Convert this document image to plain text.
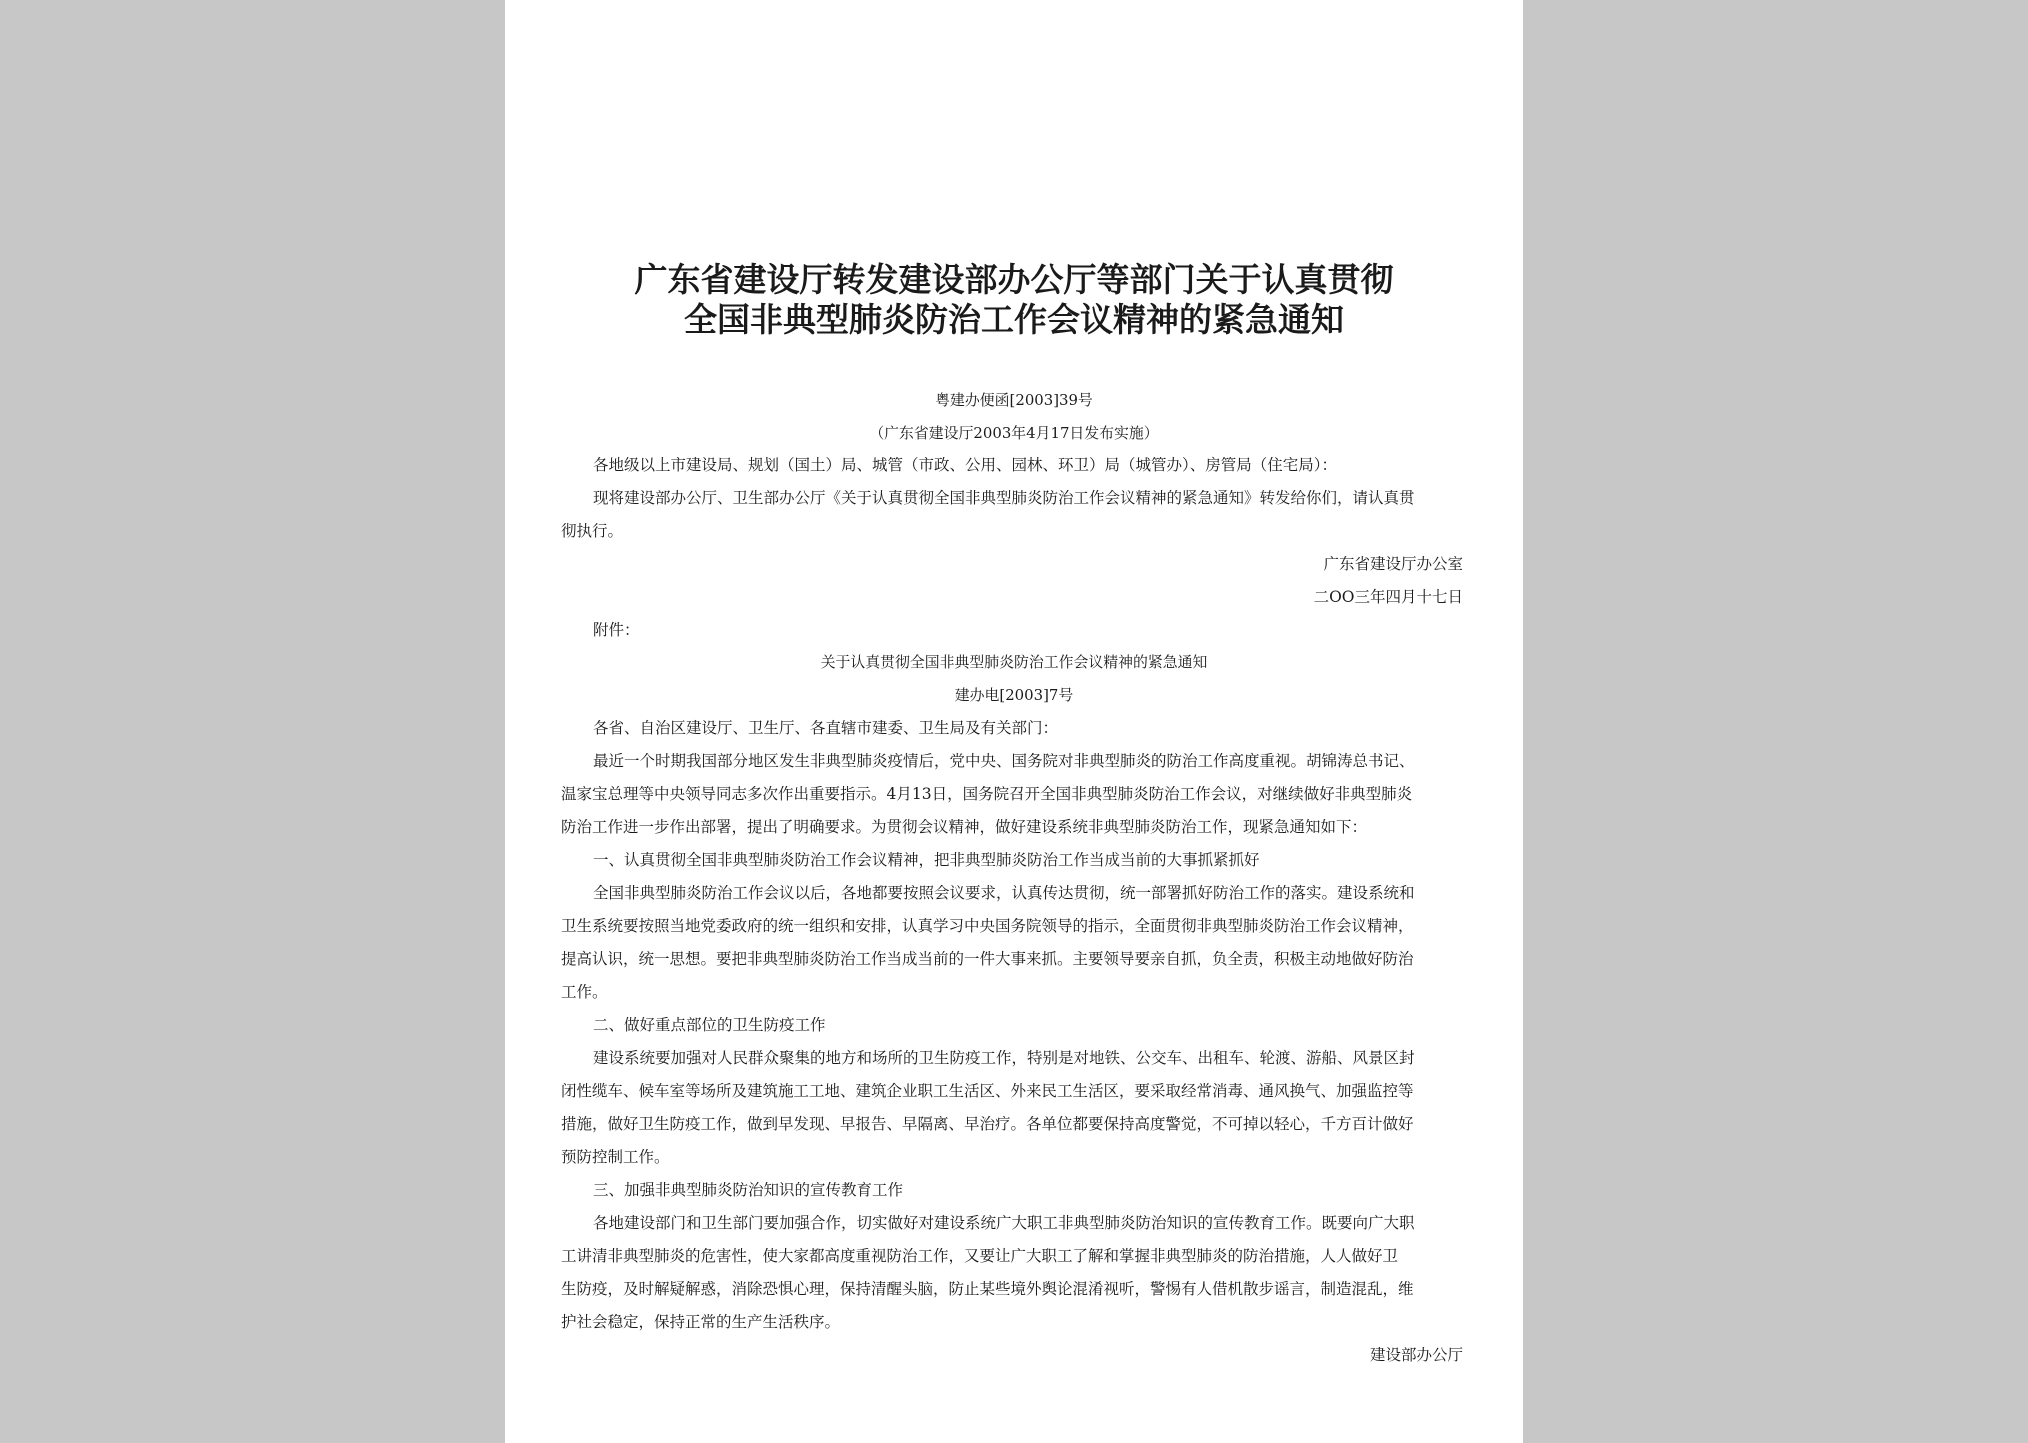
广东省建设厅转发建设部办公厅等部门关于认真贯彻
全国非典型肺炎防治工作会议精神的紧急通知
粤建办便函[2003]39号
（广东省建设厅2003年4月17日发布实施）
各地级以上市建设局、规划（国土）局、城管（市政、公用、园林、环卫）局（城管办）、房管局（住宅局）：
现将建设部办公厅、卫生部办公厅《关于认真贯彻全国非典型肺炎防治工作会议精神的紧急通知》转发给你们，请认真贯
彻执行。
广东省建设厅办公室
二OO三年四月十七日
附件：
关于认真贯彻全国非典型肺炎防治工作会议精神的紧急通知
建办电[2003]7号
各省、自治区建设厅、卫生厅、各直辖市建委、卫生局及有关部门：
最近一个时期我国部分地区发生非典型肺炎疫情后，党中央、国务院对非典型肺炎的防治工作高度重视。胡锦涛总书记、
温家宝总理等中央领导同志多次作出重要指示。4月13日，国务院召开全国非典型肺炎防治工作会议，对继续做好非典型肺炎
防治工作进一步作出部署，提出了明确要求。为贯彻会议精神，做好建设系统非典型肺炎防治工作，现紧急通知如下：
一、认真贯彻全国非典型肺炎防治工作会议精神，把非典型肺炎防治工作当成当前的大事抓紧抓好
全国非典型肺炎防治工作会议以后，各地都要按照会议要求，认真传达贯彻，统一部署抓好防治工作的落实。建设系统和
卫生系统要按照当地党委政府的统一组织和安排，认真学习中央国务院领导的指示，全面贯彻非典型肺炎防治工作会议精神，
提高认识，统一思想。要把非典型肺炎防治工作当成当前的一件大事来抓。主要领导要亲自抓，负全责，积极主动地做好防治
工作。
二、做好重点部位的卫生防疫工作
建设系统要加强对人民群众聚集的地方和场所的卫生防疫工作，特别是对地铁、公交车、出租车、轮渡、游船、风景区封
闭性缆车、候车室等场所及建筑施工工地、建筑企业职工生活区、外来民工生活区，要采取经常消毒、通风换气、加强监控等
措施，做好卫生防疫工作，做到早发现、早报告、早隔离、早治疗。各单位都要保持高度警觉，不可掉以轻心，千方百计做好
预防控制工作。
三、加强非典型肺炎防治知识的宣传教育工作
各地建设部门和卫生部门要加强合作，切实做好对建设系统广大职工非典型肺炎防治知识的宣传教育工作。既要向广大职
工讲清非典型肺炎的危害性，使大家都高度重视防治工作，又要让广大职工了解和掌握非典型肺炎的防治措施，人人做好卫
生防疫，及时解疑解惑，消除恐惧心理，保持清醒头脑，防止某些境外舆论混淆视听，警惕有人借机散步谣言，制造混乱，维
护社会稳定，保持正常的生产生活秩序。
建设部办公厅
